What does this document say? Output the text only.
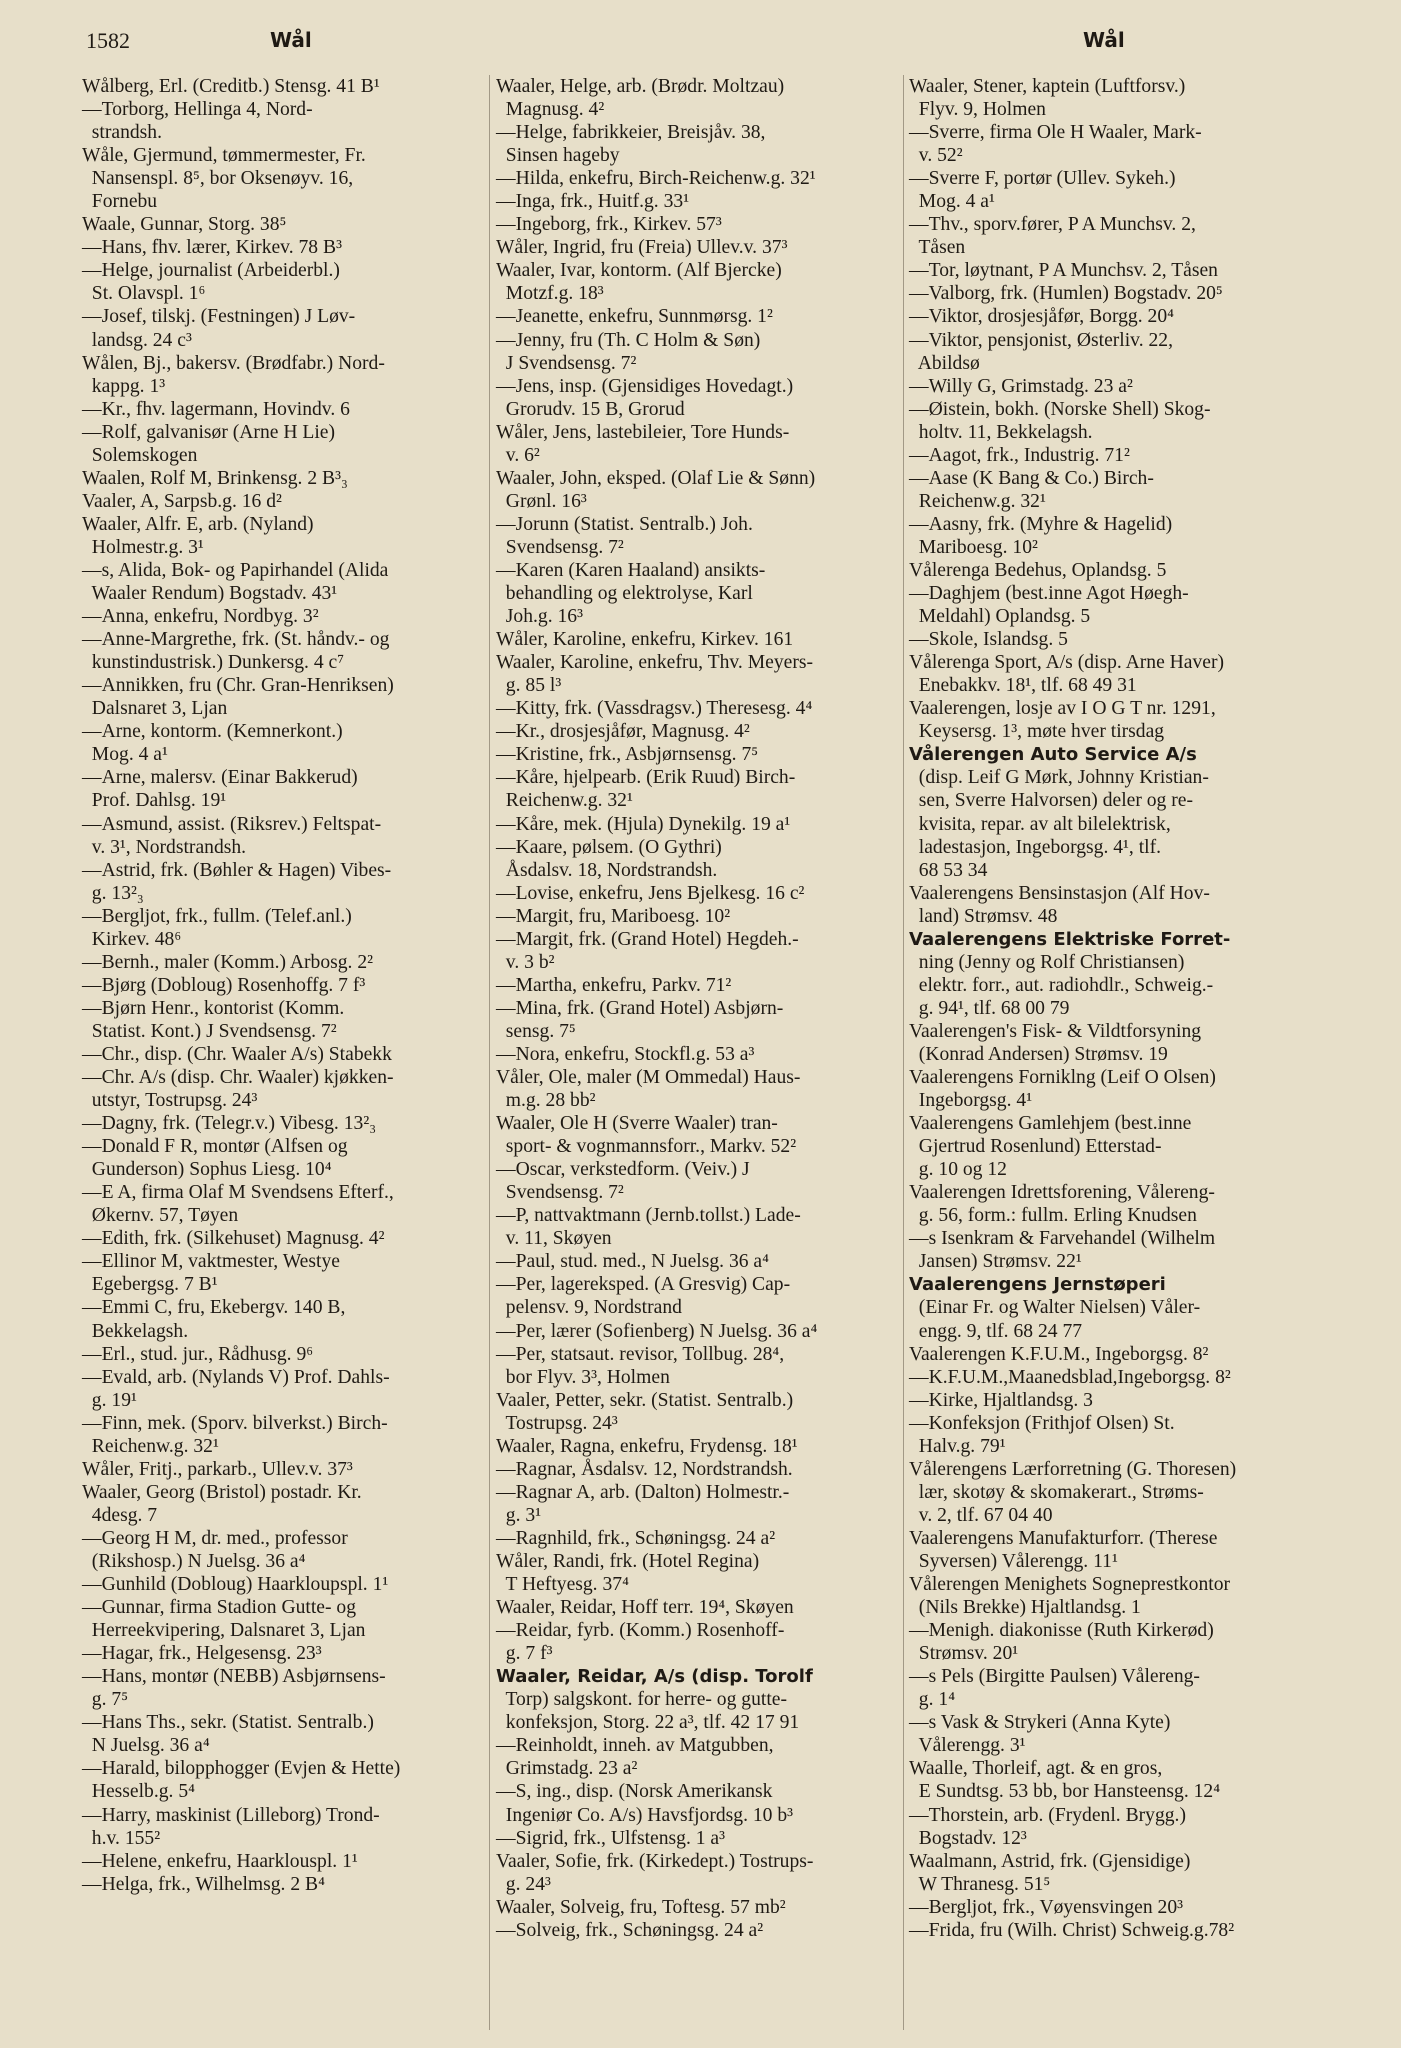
1582	Wål	Wål
Wålberg, Erl. (Creditb.) Stensg. 41 B¹
—Torborg, Hellinga 4, Nord-
strandsh.
Wåle, Gjermund, tømmermester, Fr.
Nansenspl. 8⁵, bor Oksenøyv. 16,
Fornebu
Waale, Gunnar, Storg. 38⁵
—Hans, fhv. lærer, Kirkev. 78 B³
—Helge, journalist (Arbeiderbl.)
St. Olavspl. 1⁶
—Josef, tilskj. (Festningen) J Løv-
landsg. 24 c³
Wålen, Bj., bakersv. (Brødfabr.) Nord-
kappg. 1³
—Kr., fhv. lagermann, Hovindv. 6
—Rolf, galvanisør (Arne H Lie)
Solemskogen
Waalen, Rolf M, Brinkensg. 2 B³₃
Vaaler, A, Sarpsb.g. 16 d²
Waaler, Alfr. E, arb. (Nyland)
Holmestr.g. 3¹
—s, Alida, Bok- og Papirhandel (Alida
Waaler Rendum) Bogstadv. 43¹
—Anna, enkefru, Nordbyg. 3²
—Anne-Margrethe, frk. (St. håndv.- og
kunstindustrisk.) Dunkersg. 4 c⁷
—Annikken, fru (Chr. Gran-Henriksen)
Dalsnaret 3, Ljan
—Arne, kontorm. (Kemnerkont.)
Mog. 4 a¹
—Arne, malersv. (Einar Bakkerud)
Prof. Dahlsg. 19¹
—Asmund, assist. (Riksrev.) Feltspat-
v. 3¹, Nordstrandsh.
—Astrid, frk. (Bøhler & Hagen) Vibes-
g. 13²₃
—Bergljot, frk., fullm. (Telef.anl.)
Kirkev. 48⁶
—Bernh., maler (Komm.) Arbosg. 2²
—Bjørg (Dobloug) Rosenhoffg. 7 f³
—Bjørn Henr., kontorist (Komm.
Statist. Kont.) J Svendsensg. 7²
—Chr., disp. (Chr. Waaler A/s) Stabekk
—Chr. A/s (disp. Chr. Waaler) kjøkken-
utstyr, Tostrupsg. 24³
—Dagny, frk. (Telegr.v.) Vibesg. 13²₃
—Donald F R, montør (Alfsen og
Gunderson) Sophus Liesg. 10⁴
—E A, firma Olaf M Svendsens Efterf.,
Økernv. 57, Tøyen
—Edith, frk. (Silkehuset) Magnusg. 4²
—Ellinor M, vaktmester, Westye
Egebergsg. 7 B¹
—Emmi C, fru, Ekebergv. 140 B,
Bekkelagsh.
—Erl., stud. jur., Rådhusg. 9⁶
—Evald, arb. (Nylands V) Prof. Dahls-
g. 19¹
—Finn, mek. (Sporv. bilverkst.) Birch-
Reichenw.g. 32¹
Wåler, Fritj., parkarb., Ullev.v. 37³
Waaler, Georg (Bristol) postadr. Kr.
4desg. 7
—Georg H M, dr. med., professor
(Rikshosp.) N Juelsg. 36 a⁴
—Gunhild (Dobloug) Haarkloupspl. 1¹
—Gunnar, firma Stadion Gutte- og
Herreekvipering, Dalsnaret 3, Ljan
—Hagar, frk., Helgesensg. 23³
—Hans, montør (NEBB) Asbjørnsens-
g. 7⁵
—Hans Ths., sekr. (Statist. Sentralb.)
N Juelsg. 36 a⁴
—Harald, bilopphogger (Evjen & Hette)
Hesselb.g. 5⁴
—Harry, maskinist (Lilleborg) Trond-
h.v. 155²
—Helene, enkefru, Haarklouspl. 1¹
—Helga, frk., Wilhelmsg. 2 B⁴
Waaler, Helge, arb. (Brødr. Moltzau)
Magnusg. 4²
—Helge, fabrikkeier, Breisjåv. 38,
Sinsen hageby
—Hilda, enkefru, Birch-Reichenw.g. 32¹
—Inga, frk., Huitf.g. 33¹
—Ingeborg, frk., Kirkev. 57³
Wåler, Ingrid, fru (Freia) Ullev.v. 37³
Waaler, Ivar, kontorm. (Alf Bjercke)
Motzf.g. 18³
—Jeanette, enkefru, Sunnmørsg. 1²
—Jenny, fru (Th. C Holm & Søn)
J Svendsensg. 7²
—Jens, insp. (Gjensidiges Hovedagt.)
Grorudv. 15 B, Grorud
Wåler, Jens, lastebileier, Tore Hunds-
v. 6²
Waaler, John, eksped. (Olaf Lie & Sønn)
Grønl. 16³
—Jorunn (Statist. Sentralb.) Joh.
Svendsensg. 7²
—Karen (Karen Haaland) ansikts-
behandling og elektrolyse, Karl
Joh.g. 16³
Wåler, Karoline, enkefru, Kirkev. 161
Waaler, Karoline, enkefru, Thv. Meyers-
g. 85 l³
—Kitty, frk. (Vassdragsv.) Theresesg. 4⁴
—Kr., drosjesjåfør, Magnusg. 4²
—Kristine, frk., Asbjørnsensg. 7⁵
—Kåre, hjelpearb. (Erik Ruud) Birch-
Reichenw.g. 32¹
—Kåre, mek. (Hjula) Dynekilg. 19 a¹
—Kaare, pølsem. (O Gythri)
Åsdalsv. 18, Nordstrandsh.
—Lovise, enkefru, Jens Bjelkesg. 16 c²
—Margit, fru, Mariboesg. 10²
—Margit, frk. (Grand Hotel) Hegdeh.-
v. 3 b²
—Martha, enkefru, Parkv. 71²
—Mina, frk. (Grand Hotel) Asbjørn-
sensg. 7⁵
—Nora, enkefru, Stockfl.g. 53 a³
Våler, Ole, maler (M Ommedal) Haus-
m.g. 28 bb²
Waaler, Ole H (Sverre Waaler) tran-
sport- & vognmannsforr., Markv. 52²
—Oscar, verkstedform. (Veiv.) J
Svendsensg. 7²
—P, nattvaktmann (Jernb.tollst.) Lade-
v. 11, Skøyen
—Paul, stud. med., N Juelsg. 36 a⁴
—Per, lagereksped. (A Gresvig) Cap-
pelensv. 9, Nordstrand
—Per, lærer (Sofienberg) N Juelsg. 36 a⁴
—Per, statsaut. revisor, Tollbug. 28⁴,
bor Flyv. 3³, Holmen
Vaaler, Petter, sekr. (Statist. Sentralb.)
Tostrupsg. 24³
Waaler, Ragna, enkefru, Frydensg. 18¹
—Ragnar, Åsdalsv. 12, Nordstrandsh.
—Ragnar A, arb. (Dalton) Holmestr.-
g. 3¹
—Ragnhild, frk., Schøningsg. 24 a²
Wåler, Randi, frk. (Hotel Regina)
T Heftyesg. 37⁴
Waaler, Reidar, Hoff terr. 19⁴, Skøyen
—Reidar, fyrb. (Komm.) Rosenhoff-
g. 7 f³
Waaler, Reidar, A/s (disp. Torolf
Torp) salgskont. for herre- og gutte-
konfeksjon, Storg. 22 a³, tlf. 42 17 91
—Reinholdt, inneh. av Matgubben,
Grimstadg. 23 a²
—S, ing., disp. (Norsk Amerikansk
Ingeniør Co. A/s) Havsfjordsg. 10 b³
—Sigrid, frk., Ulfstensg. 1 a³
Vaaler, Sofie, frk. (Kirkedept.) Tostrups-
g. 24³
Waaler, Solveig, fru, Toftesg. 57 mb²
—Solveig, frk., Schøningsg. 24 a²
Waaler, Stener, kaptein (Luftforsv.)
Flyv. 9, Holmen
—Sverre, firma Ole H Waaler, Mark-
v. 52²
—Sverre F, portør (Ullev. Sykeh.)
Mog. 4 a¹
—Thv., sporv.fører, P A Munchsv. 2,
Tåsen
—Tor, løytnant, P A Munchsv. 2, Tåsen
—Valborg, frk. (Humlen) Bogstadv. 20⁵
—Viktor, drosjesjåfør, Borgg. 20⁴
—Viktor, pensjonist, Østerliv. 22,
Abildsø
—Willy G, Grimstadg. 23 a²
—Øistein, bokh. (Norske Shell) Skog-
holtv. 11, Bekkelagsh.
—Aagot, frk., Industrig. 71²
—Aase (K Bang & Co.) Birch-
Reichenw.g. 32¹
—Aasny, frk. (Myhre & Hagelid)
Mariboesg. 10²
Vålerenga Bedehus, Oplandsg. 5
—Daghjem (best.inne Agot Høegh-
Meldahl) Oplandsg. 5
—Skole, Islandsg. 5
Vålerenga Sport, A/s (disp. Arne Haver)
Enebakkv. 18¹, tlf. 68 49 31
Vaalerengen, losje av I O G T nr. 1291,
Keysersg. 1³, møte hver tirsdag
Vålerengen Auto Service A/s
(disp. Leif G Mørk, Johnny Kristian-
sen, Sverre Halvorsen) deler og re-
kvisita, repar. av alt bilelektrisk,
ladestasjon, Ingeborgsg. 4¹, tlf.
68 53 34
Vaalerengens Bensinstasjon (Alf Hov-
land) Strømsv. 48
Vaalerengens Elektriske Forret-
ning (Jenny og Rolf Christiansen)
elektr. forr., aut. radiohdlr., Schweig.-
g. 94¹, tlf. 68 00 79
Vaalerengen's Fisk- & Vildtforsyning
(Konrad Andersen) Strømsv. 19
Vaalerengens Forniklng (Leif O Olsen)
Ingeborgsg. 4¹
Vaalerengens Gamlehjem (best.inne
Gjertrud Rosenlund) Etterstad-
g. 10 og 12
Vaalerengen Idrettsforening, Vålereng-
g. 56, form.: fullm. Erling Knudsen
—s Isenkram & Farvehandel (Wilhelm
Jansen) Strømsv. 22¹
Vaalerengens Jernstøperi
(Einar Fr. og Walter Nielsen) Våler-
engg. 9, tlf. 68 24 77
Vaalerengen K.F.U.M., Ingeborgsg. 8²
—K.F.U.M.,Maanedsblad,Ingeborgsg. 8²
—Kirke, Hjaltlandsg. 3
—Konfeksjon (Frithjof Olsen) St.
Halv.g. 79¹
Vålerengens Lærforretning (G. Thoresen)
lær, skotøy & skomakerart., Strøms-
v. 2, tlf. 67 04 40
Vaalerengens Manufakturforr. (Therese
Syversen) Vålerengg. 11¹
Vålerengen Menighets Sogneprestkontor
(Nils Brekke) Hjaltlandsg. 1
—Menigh. diakonisse (Ruth Kirkerød)
Strømsv. 20¹
—s Pels (Birgitte Paulsen) Vålereng-
g. 1⁴
—s Vask & Strykeri (Anna Kyte)
Vålerengg. 3¹
Waalle, Thorleif, agt. & en gros,
E Sundtsg. 53 bb, bor Hansteensg. 12⁴
—Thorstein, arb. (Frydenl. Brygg.)
Bogstadv. 12³
Waalmann, Astrid, frk. (Gjensidige)
W Thranesg. 51⁵
—Bergljot, frk., Vøyensvingen 20³
—Frida, fru (Wilh. Christ) Schweig.g.78²
